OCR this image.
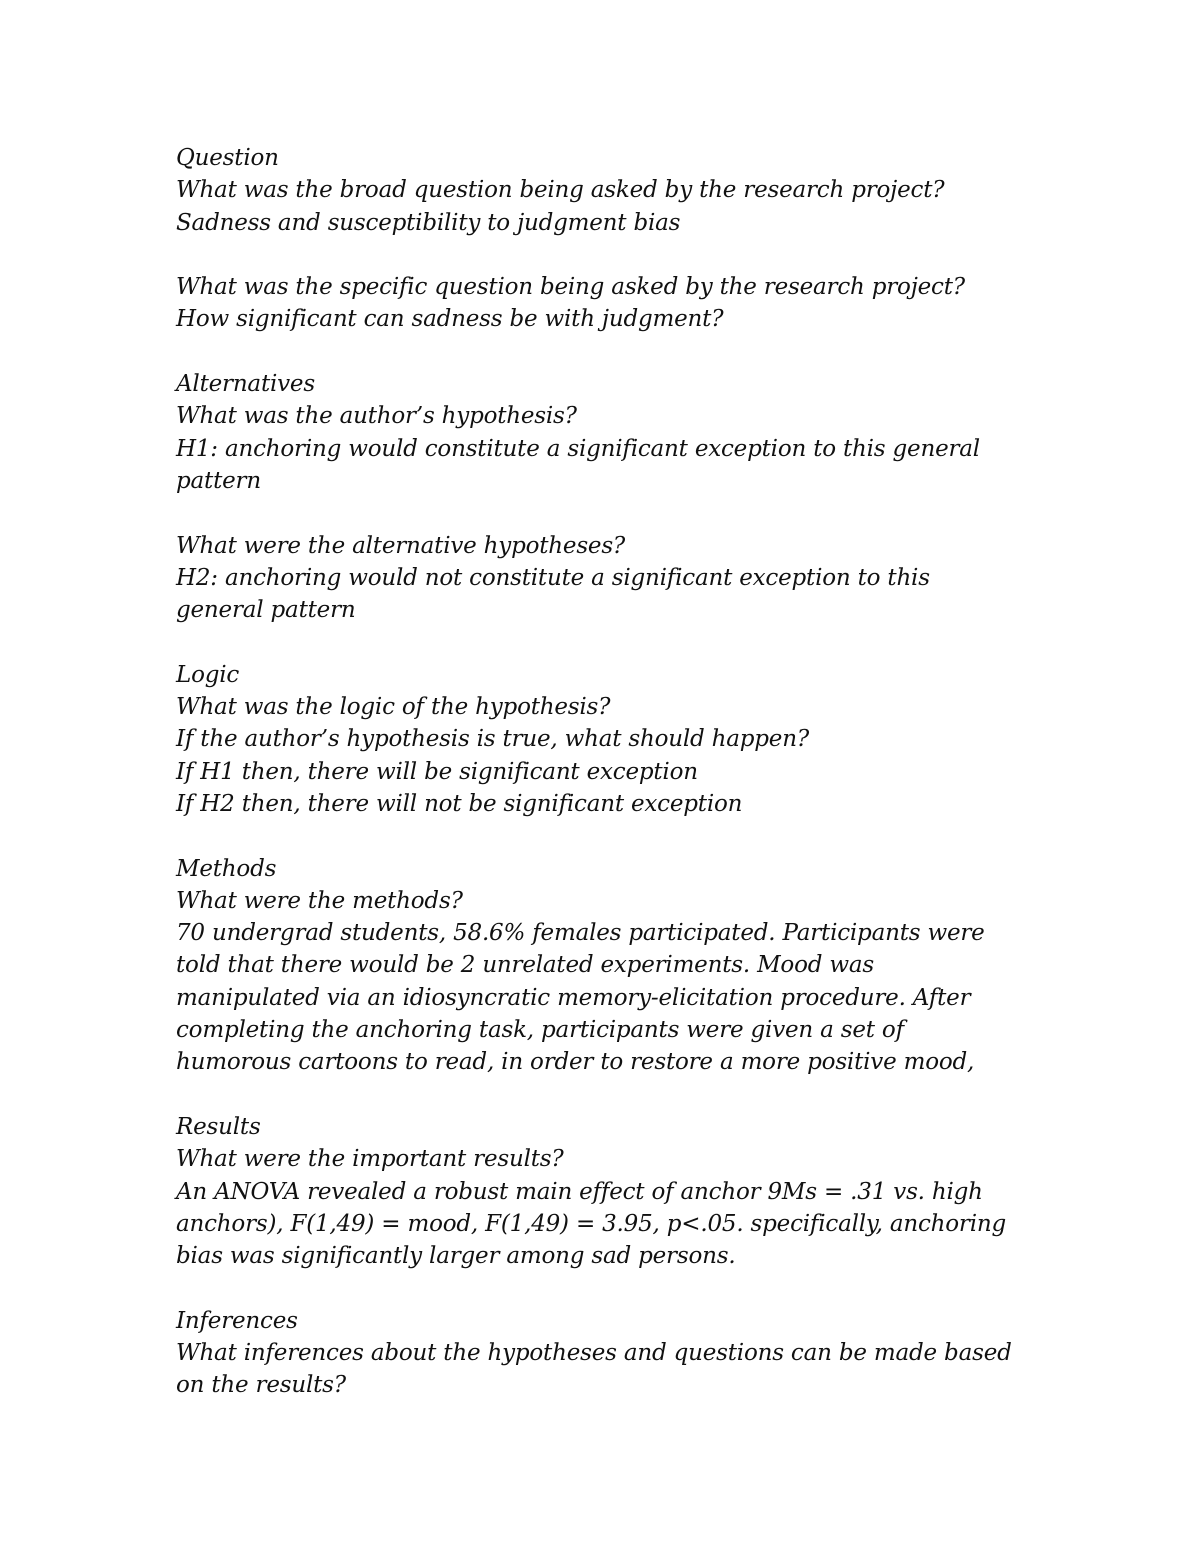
Question
What was the broad question being asked by the research project?
Sadness and susceptibility to judgment bias
What was the specific question being asked by the research project?
How significant can sadness be with judgment?
Alternatives
What was the author’s hypothesis?
H1: anchoring would constitute a significant exception to this general pattern
What were the alternative hypotheses?
H2: anchoring would not constitute a significant exception to this general pattern
Logic
What was the logic of the hypothesis?
If the author’s hypothesis is true, what should happen?
If H1 then, there will be significant exception
If H2 then, there will not be significant exception
Methods
What were the methods?
70 undergrad students, 58.6% females participated. Participants were told that there would be 2 unrelated experiments. Mood was manipulated via an idiosyncratic memory-elicitation procedure. After completing the anchoring task, participants were given a set of humorous cartoons to read, in order to restore a more positive mood,
Results
What were the important results?
An ANOVA revealed a robust main effect of anchor 9Ms = .31 vs. high anchors), F(1,49) = mood, F(1,49) = 3.95, p<.05. specifically, anchoring bias was significantly larger among sad persons.
Inferences
What inferences about the hypotheses and questions can be made based on the results?
